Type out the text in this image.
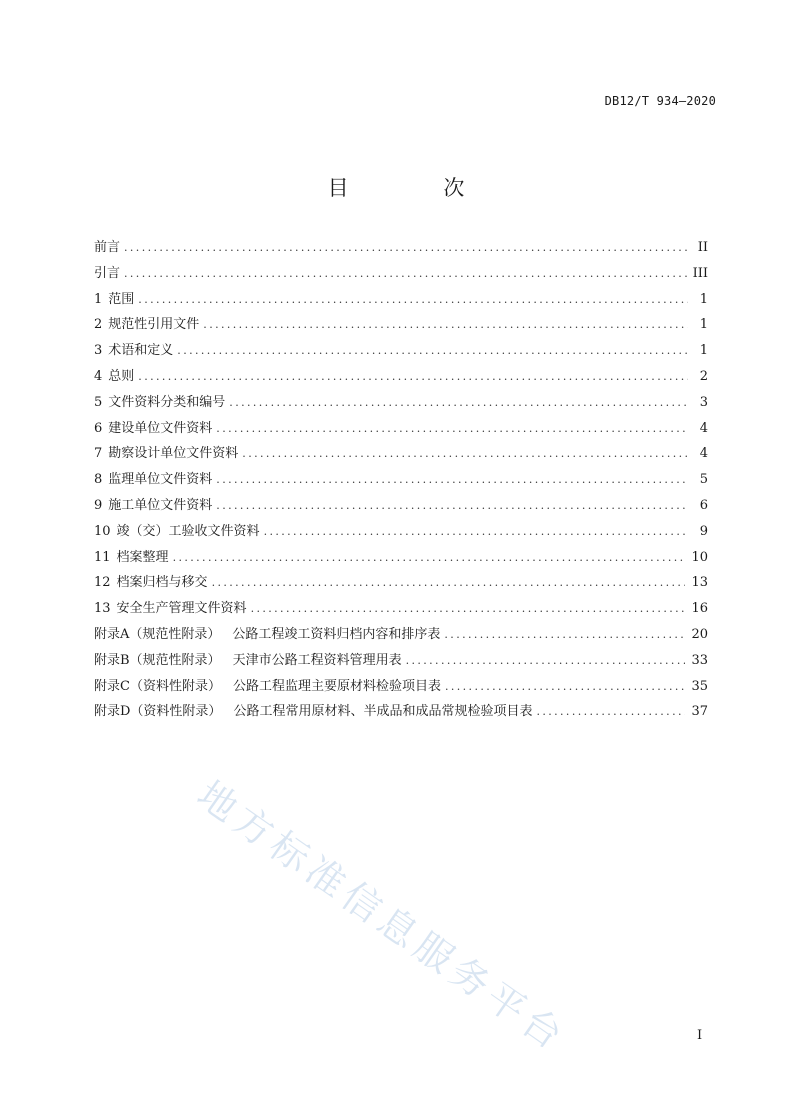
DB12/T 934—2020
目 次
前言 .....	II
引言 .....	III
1 范围 .....	1
2 规范性引用文件 .....	1
3 术语和定义 .....	1
4 总则 .....	2
5 文件资料分类和编号 .....	3
6 建设单位文件资料 .....	4
7 勘察设计单位文件资料 .....	4
8 监理单位文件资料 .....	5
9 施工单位文件资料 .....	6
10 竣（交）工验收文件资料 .....	9
11 档案整理 .....	10
12 档案归档与移交 .....	13
13 安全生产管理文件资料 .....	16
附录A（规范性附录） 公路工程竣工资料归档内容和排序表 .....	20
附录B（规范性附录） 天津市公路工程资料管理用表 .....	33
附录C（资料性附录） 公路工程监理主要原材料检验项目表 .....	35
附录D（资料性附录） 公路工程常用原材料、半成品和成品常规检验项目表 .....	37
地方标准信息服务平台	I
